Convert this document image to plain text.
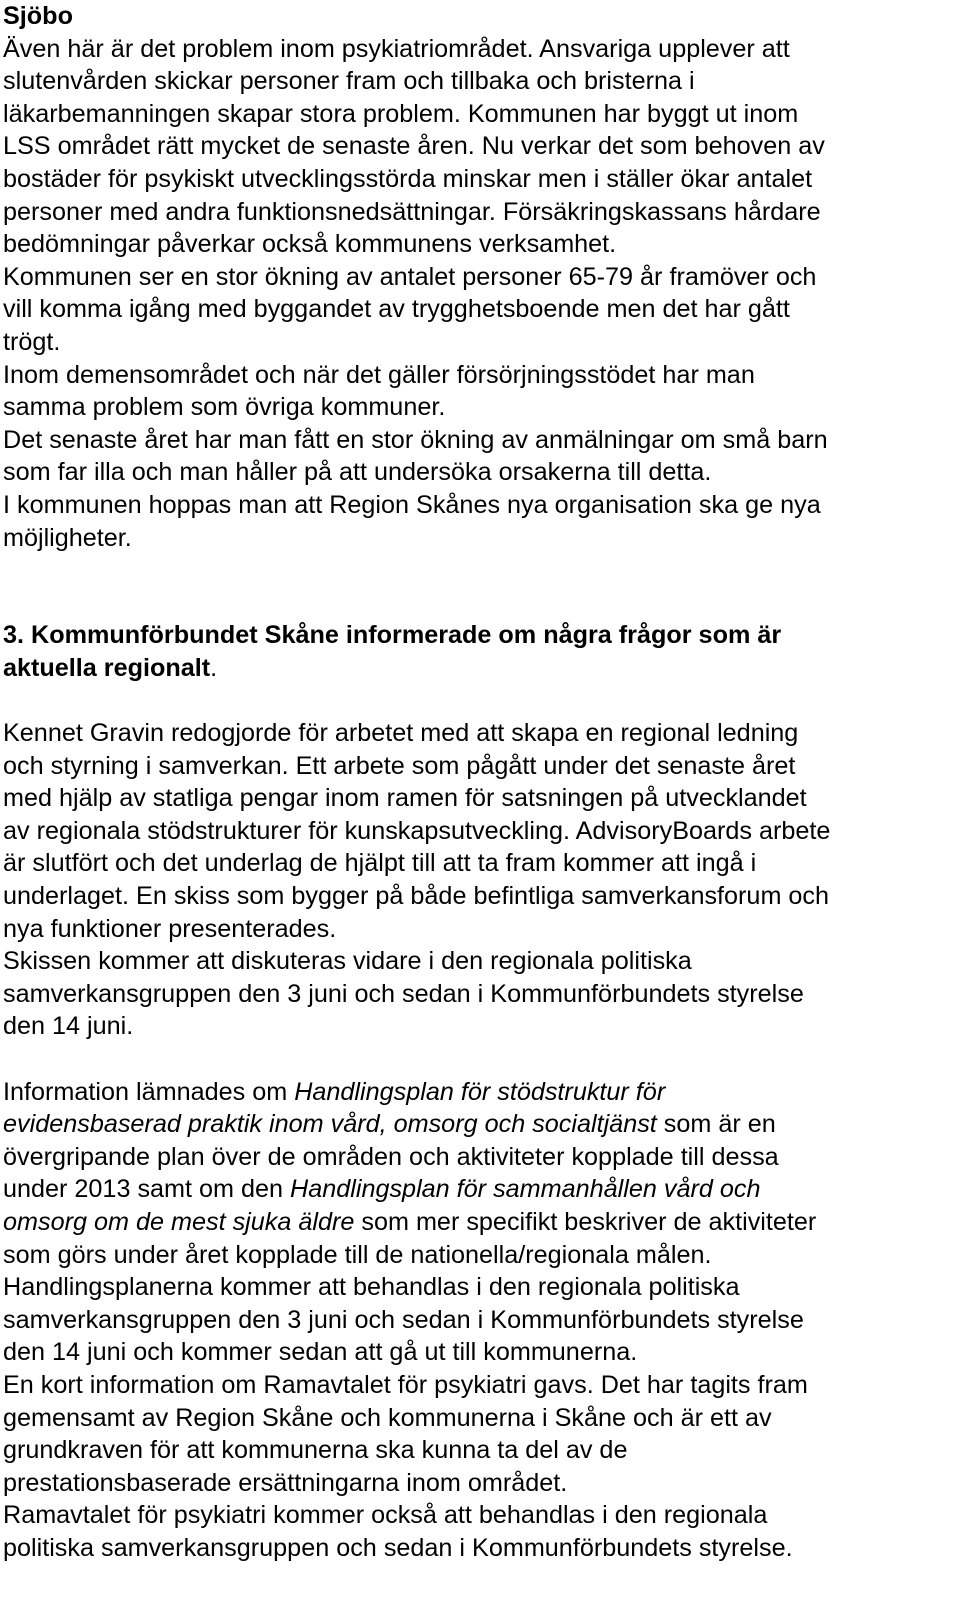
Sjöbo

Även här är det problem inom psykiatriområdet. Ansvariga upplever att

slutenvården skickar personer fram och tillbaka och bristerna i

läkarbemanningen skapar stora problem. Kommunen har byggt ut inom

LSS området rätt mycket de senaste åren. Nu verkar det som behoven av

bostäder för psykiskt utvecklingsstörda minskar men i ställer ökar antalet

personer med andra funktionsnedsättningar. Försäkringskassans hårdare

bedömningar påverkar också kommunens verksamhet.

Kommunen ser en stor ökning av antalet personer 65-79 år framöver och

vill komma igång med byggandet av trygghetsboende men det har gått

trögt.

Inom demensområdet och när det gäller försörjningsstödet har man

samma problem som övriga kommuner.

Det senaste året har man fått en stor ökning av anmälningar om små barn

som far illa och man håller på att undersöka orsakerna till detta.

I kommunen hoppas man att Region Skånes nya organisation ska ge nya

möjligheter.

3. Kommunförbundet Skåne informerade om några frågor som är

aktuella regionalt.

Kennet Gravin redogjorde för arbetet med att skapa en regional ledning

och styrning i samverkan. Ett arbete som pågått under det senaste året

med hjälp av statliga pengar inom ramen för satsningen på utvecklandet

av regionala stödstrukturer för kunskapsutveckling. AdvisoryBoards arbete

är slutfört och det underlag de hjälpt till att ta fram kommer att ingå i

underlaget. En skiss som bygger på både befintliga samverkansforum och

nya funktioner presenterades.

Skissen kommer att diskuteras vidare i den regionala politiska

samverkansgruppen den 3 juni och sedan i Kommunförbundets styrelse

den 14 juni.

Information lämnades om Handlingsplan för stödstruktur för

evidensbaserad praktik inom vård, omsorg och socialtjänst som är en

övergripande plan över de områden och aktiviteter kopplade till dessa

under 2013 samt om den Handlingsplan för sammanhållen vård och

omsorg om de mest sjuka äldre som mer specifikt beskriver de aktiviteter

som görs under året kopplade till de nationella/regionala målen.

Handlingsplanerna kommer att behandlas i den regionala politiska

samverkansgruppen den 3 juni och sedan i Kommunförbundets styrelse

den 14 juni och kommer sedan att gå ut till kommunerna.

En kort information om Ramavtalet för psykiatri gavs. Det har tagits fram

gemensamt av Region Skåne och kommunerna i Skåne och är ett av

grundkraven för att kommunerna ska kunna ta del av de

prestationsbaserade ersättningarna inom området.

Ramavtalet för psykiatri kommer också att behandlas i den regionala

politiska samverkansgruppen och sedan i Kommunförbundets styrelse.
